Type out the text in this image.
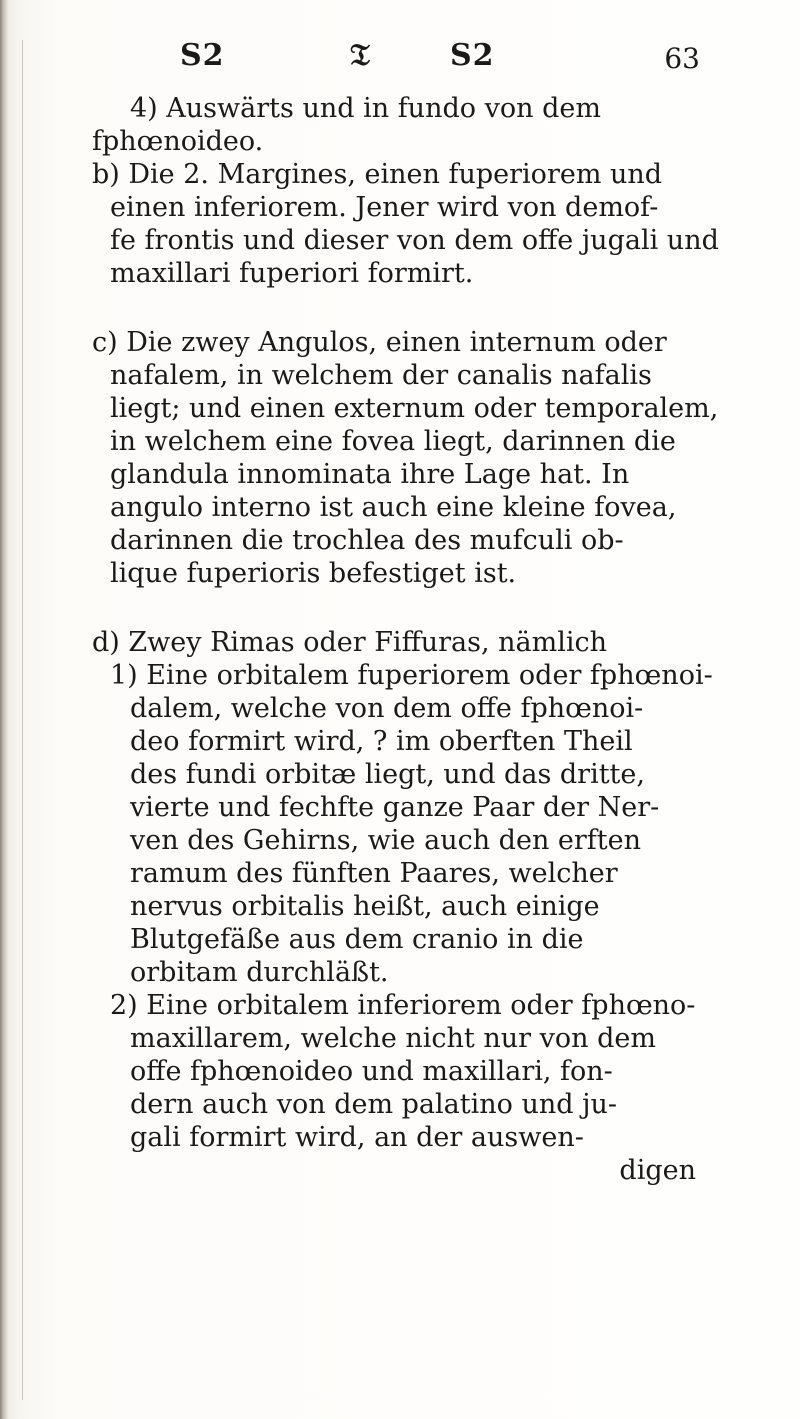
S2	𝔗	S2	63
4) Auswärts und in fundo von dem
fphœnoideo.
b) Die 2. Margines, einen fuperiorem und
einen inferiorem. Jener wird von demof-
fe frontis und dieser von dem offe jugali und
maxillari fuperiori formirt.
c) Die zwey Angulos, einen internum oder
nafalem, in welchem der canalis nafalis
liegt; und einen externum oder temporalem,
in welchem eine fovea liegt, darinnen die
glandula innominata ihre Lage hat. In
angulo interno ist auch eine kleine fovea,
darinnen die trochlea des mufculi ob-
lique fuperioris befestiget ist.
d) Zwey Rimas oder Fiffuras, nämlich
1) Eine orbitalem fuperiorem oder fphœnoi-
dalem, welche von dem offe fphœnoi-
deo formirt wird, ? im oberften Theil
des fundi orbitæ liegt, und das dritte,
vierte und fechfte ganze Paar der Ner-
ven des Gehirns, wie auch den erften
ramum des fünften Paares, welcher
nervus orbitalis heißt, auch einige
Blutgefäße aus dem cranio in die
orbitam durchläßt.
2) Eine orbitalem inferiorem oder fphœno-
maxillarem, welche nicht nur von dem
offe fphœnoideo und maxillari, fon-
dern auch von dem palatino und ju-
gali formirt wird, an der auswen-
digen
